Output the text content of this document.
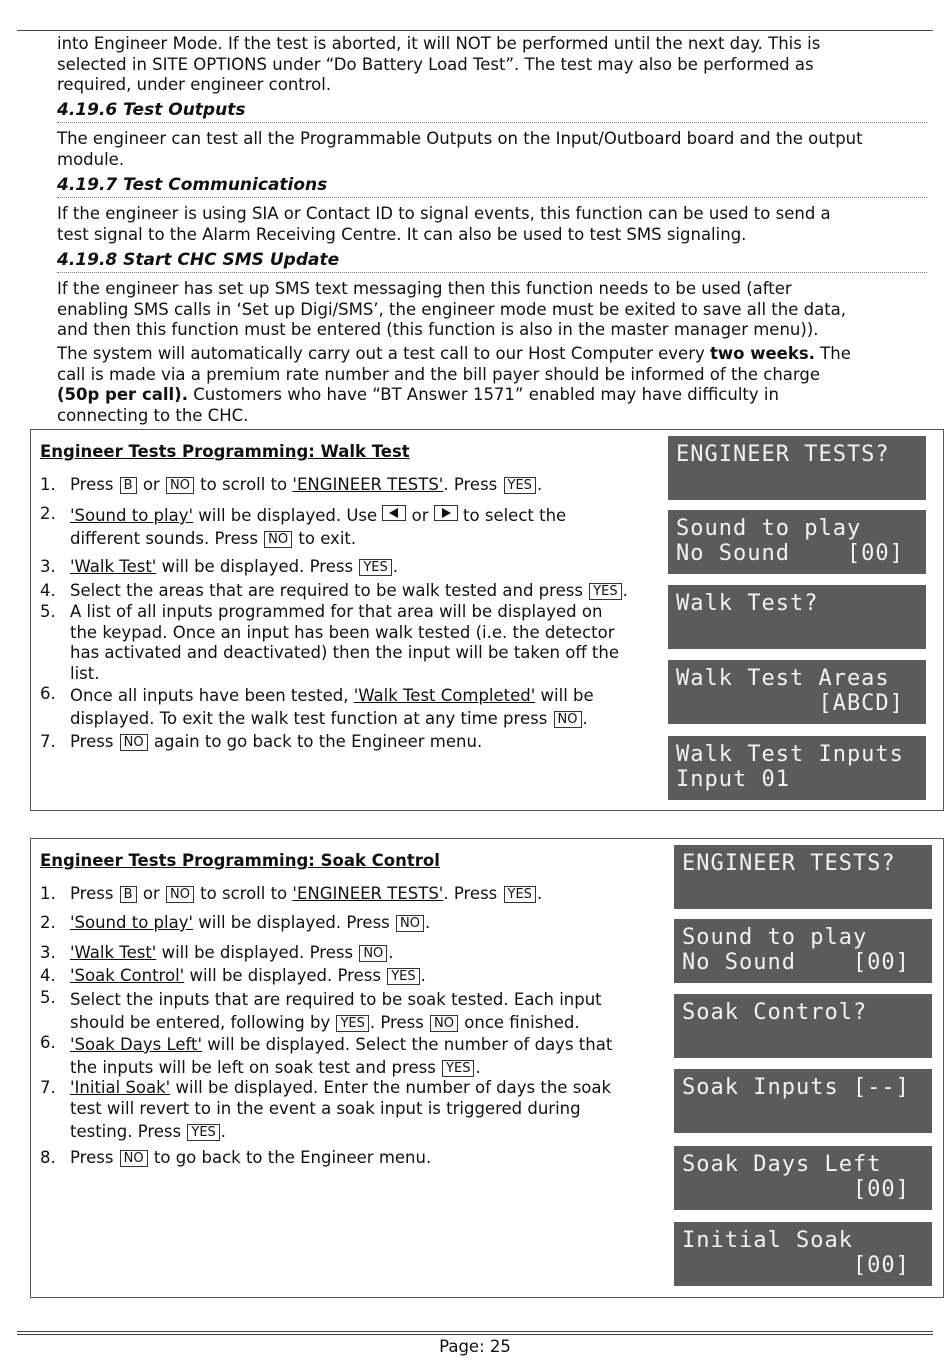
into Engineer Mode. If the test is aborted, it will NOT be performed until the next day. This is
selected in SITE OPTIONS under “Do Battery Load Test”. The test may also be performed as
required, under engineer control.
4.19.6 Test Outputs
The engineer can test all the Programmable Outputs on the Input/Outboard board and the output
module.
4.19.7 Test Communications
If the engineer is using SIA or Contact ID to signal events, this function can be used to send a
test signal to the Alarm Receiving Centre. It can also be used to test SMS signaling.
4.19.8 Start CHC SMS Update
If the engineer has set up SMS text messaging then this function needs to be used (after
enabling SMS calls in ‘Set up Digi/SMS’, the engineer mode must be exited to save all the data,
and then this function must be entered (this function is also in the master manager menu)).
The system will automatically carry out a test call to our Host Computer every two weeks. The
call is made via a premium rate number and the bill payer should be informed of the charge
(50p per call). Customers who have “BT Answer 1571” enabled may have difficulty in
connecting to the CHC.
Engineer Tests Programming: Walk Test
1. Press B or NO to scroll to 'ENGINEER TESTS'. Press YES .
2. 'Sound to play' will be displayed. Use
or
to select the
different sounds. Press NO to exit.
3. 'Walk Test' will be displayed. Press YES .
4. Select the areas that are required to be walk tested and press YES .
5. A list of all inputs programmed for that area will be displayed on
the keypad. Once an input has been walk tested (i.e. the detector
has activated and deactivated) then the input will be taken off the
list.
6. Once all inputs have been tested, 'Walk Test Completed' will be
displayed. To exit the walk test function at any time press NO .
7. Press NO again to go back to the Engineer menu.
ENGINEER TESTS?
Sound to play
No Sound    [00]
Walk Test?
Walk Test Areas
[ABCD]
Walk Test Inputs
Input 01
Engineer Tests Programming: Soak Control
1. Press B or NO to scroll to 'ENGINEER TESTS'. Press YES .
2. 'Sound to play' will be displayed. Press NO .
3. 'Walk Test' will be displayed. Press NO .
4. 'Soak Control' will be displayed. Press YES .
5. Select the inputs that are required to be soak tested. Each input
should be entered, following by YES . Press NO once finished.
6. 'Soak Days Left' will be displayed. Select the number of days that
the inputs will be left on soak test and press YES .
7. 'Initial Soak' will be displayed. Enter the number of days the soak
test will revert to in the event a soak input is triggered during
testing. Press YES .
8. Press NO to go back to the Engineer menu.
ENGINEER TESTS?
Sound to play
No Sound    [00]
Soak Control?
Soak Inputs [--]
Soak Days Left
[00]
Initial Soak
[00]
Page: 25
